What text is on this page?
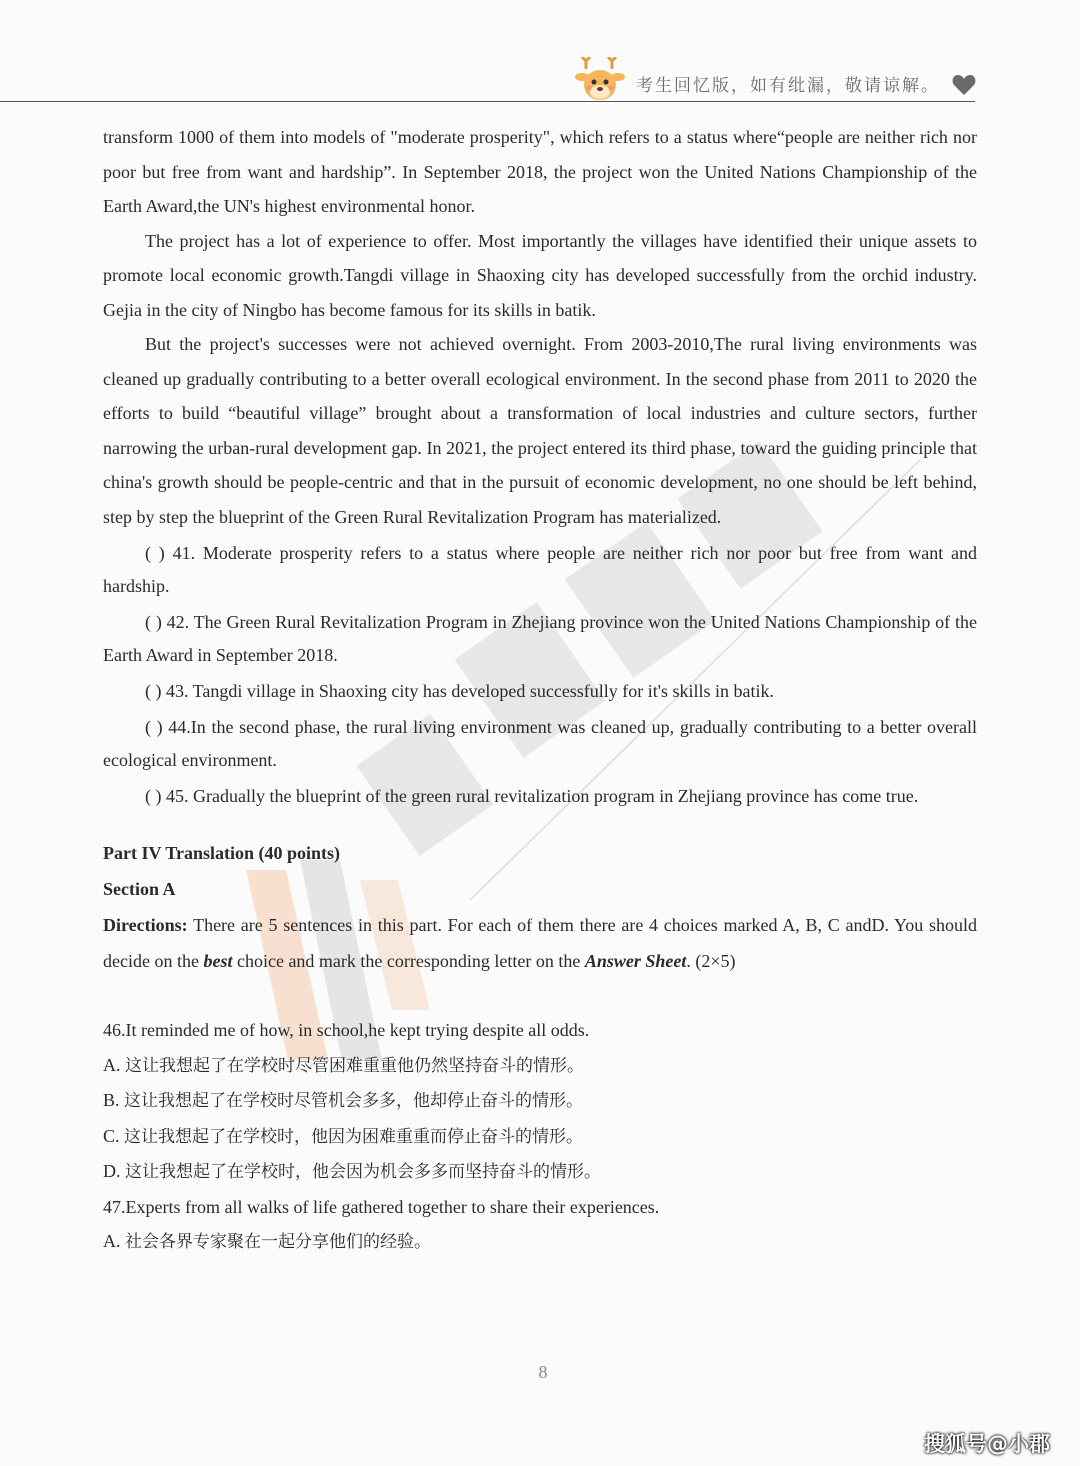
考生回忆版，如有纰漏，敬请谅解。

transform 1000 of them into models of "moderate prosperity", which refers to a status where“people are neither rich nor poor but free from want and hardship”. In September 2018, the project won the United Nations Championship of the Earth Award,the UN's highest environmental honor.

The project has a lot of experience to offer. Most importantly the villages have identified their unique assets to promote local economic growth.Tangdi village in Shaoxing city has developed successfully from the orchid industry. Gejia in the city of Ningbo has become famous for its skills in batik.

But the project's successes were not achieved overnight. From 2003-2010,The rural living environments was cleaned up gradually contributing to a better overall ecological environment. In the second phase from 2011 to 2020 the efforts to build “beautiful village” brought about a transformation of local industries and culture sectors, further narrowing the urban-rural development gap. In 2021, the project entered its third phase, toward the guiding principle that china's growth should be people-centric and that in the pursuit of economic development, no one should be left behind, step by step the blueprint of the Green Rural Revitalization Program has materialized.

( ) 41. Moderate prosperity refers to a status where people are neither rich nor poor but free from want and hardship.

( ) 42. The Green Rural Revitalization Program in Zhejiang province won the United Nations Championship of the Earth Award in September 2018.

( ) 43. Tangdi village in Shaoxing city has developed successfully for it's skills in batik.

( ) 44.In the second phase, the rural living environment was cleaned up, gradually contributing to a better overall ecological environment.

( ) 45. Gradually the blueprint of the green rural revitalization program in Zhejiang province has come true.

Part IV Translation (40 points)

Section A

Directions: There are 5 sentences in this part. For each of them there are 4 choices marked A, B, C andD. You should decide on the best choice and mark the corresponding letter on the Answer Sheet. (2×5)

46.It reminded me of how, in school,he kept trying despite all odds.

A. 这让我想起了在学校时尽管困难重重他仍然坚持奋斗的情形。

B. 这让我想起了在学校时尽管机会多多，他却停止奋斗的情形。

C. 这让我想起了在学校时，他因为困难重重而停止奋斗的情形。

D. 这让我想起了在学校时，他会因为机会多多而坚持奋斗的情形。

47.Experts from all walks of life gathered together to share their experiences.

A. 社会各界专家聚在一起分享他们的经验。

8
搜狐号@小郡
